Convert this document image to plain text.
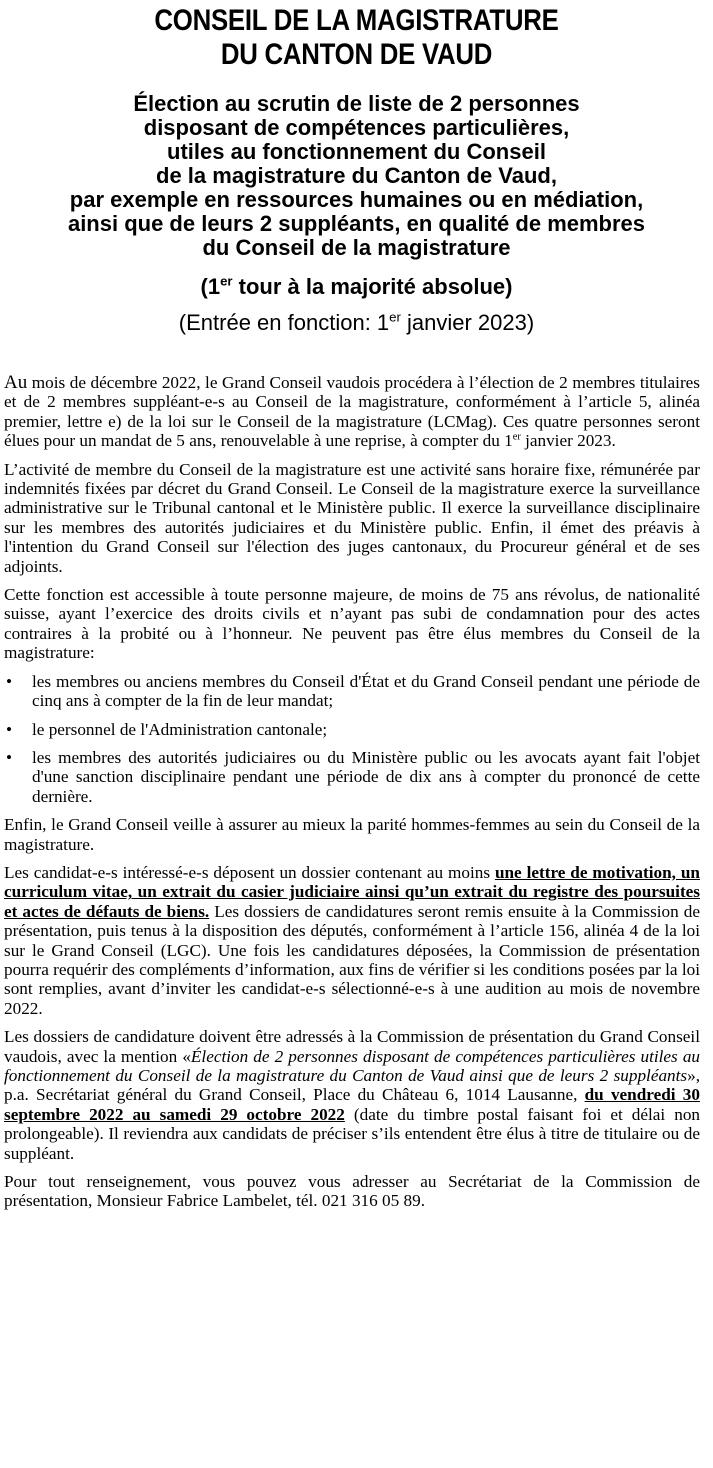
CONSEIL DE LA MAGISTRATURE
DU CANTON DE VAUD
Élection au scrutin de liste de 2 personnes
disposant de compétences particulières,
utiles au fonctionnement du Conseil
de la magistrature du Canton de Vaud,
par exemple en ressources humaines ou en médiation,
ainsi que de leurs 2 suppléants, en qualité de membres
du Conseil de la magistrature
(1er tour à la majorité absolue)
(Entrée en fonction: 1er janvier 2023)

Au mois de décembre 2022, le Grand Conseil vaudois procédera à l’élection de 2 membres titulaires et de 2 membres suppléant-e-s au Conseil de la magistrature, conformément à l’article 5, alinéa premier, lettre e) de la loi sur le Conseil de la magistrature (LCMag). Ces quatre personnes seront élues pour un mandat de 5 ans, renouvelable à une reprise, à compter du 1er janvier 2023.

L’activité de membre du Conseil de la magistrature est une activité sans horaire fixe, rémunérée par indemnités fixées par décret du Grand Conseil. Le Conseil de la magistrature exerce la surveillance administrative sur le Tribunal cantonal et le Ministère public. Il exerce la surveillance disciplinaire sur les membres des autorités judiciaires et du Ministère public. Enfin, il émet des préavis à l'intention du Grand Conseil sur l'élection des juges cantonaux, du Procureur général et de ses adjoints.

Cette fonction est accessible à toute personne majeure, de moins de 75 ans révolus, de nationalité suisse, ayant l’exercice des droits civils et n’ayant pas subi de condamnation pour des actes contraires à la probité ou à l’honneur. Ne peuvent pas être élus membres du Conseil de la magistrature:

• les membres ou anciens membres du Conseil d'État et du Grand Conseil pendant une période de cinq ans à compter de la fin de leur mandat;
• le personnel de l'Administration cantonale;
• les membres des autorités judiciaires ou du Ministère public ou les avocats ayant fait l'objet d'une sanction disciplinaire pendant une période de dix ans à compter du prononcé de cette dernière.

Enfin, le Grand Conseil veille à assurer au mieux la parité hommes-femmes au sein du Conseil de la magistrature.

Les candidat-e-s intéressé-e-s déposent un dossier contenant au moins une lettre de motivation, un curriculum vitae, un extrait du casier judiciaire ainsi qu’un extrait du registre des poursuites et actes de défauts de biens. Les dossiers de candidatures seront remis ensuite à la Commission de présentation, puis tenus à la disposition des députés, conformément à l’article 156, alinéa 4 de la loi sur le Grand Conseil (LGC). Une fois les candidatures déposées, la Commission de présentation pourra requérir des compléments d’information, aux fins de vérifier si les conditions posées par la loi sont remplies, avant d’inviter les candidat-e-s sélectionné-e-s à une audition au mois de novembre 2022.

Les dossiers de candidature doivent être adressés à la Commission de présentation du Grand Conseil vaudois, avec la mention «Élection de 2 personnes disposant de compétences particulières utiles au fonctionnement du Conseil de la magistrature du Canton de Vaud ainsi que de leurs 2 suppléants», p.a. Secrétariat général du Grand Conseil, Place du Château 6, 1014 Lausanne, du vendredi 30 septembre 2022 au samedi 29 octobre 2022 (date du timbre postal faisant foi et délai non prolongeable). Il reviendra aux candidats de préciser s’ils entendent être élus à titre de titulaire ou de suppléant.

Pour tout renseignement, vous pouvez vous adresser au Secrétariat de la Commission de présentation, Monsieur Fabrice Lambelet, tél. 021 316 05 89.
